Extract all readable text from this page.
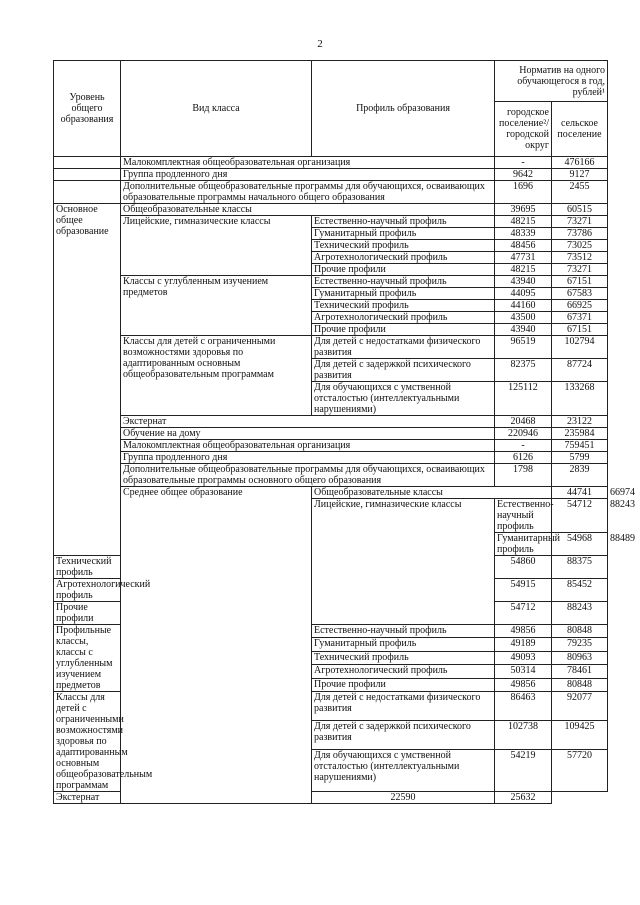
2
Уровень общего образования	Вид класса	Профиль образования	Норматив на одного обучающегося в год, рублей¹		
			городское поселение²/ городской округ	сельское поселение	
	Малокомплектная общеобразовательная организация		-	476166	
	Группа продленного дня		9642	9127	
	Дополнительные общеобразовательные программы для обучающихся, осваивающих образовательные программы начального общего образования		1696	2455	
Основное общее образование	Общеобразовательные классы		39695	60515	
	Лицейские, гимназические классы	Естественно-научный профиль	48215	73271	
		Гуманитарный профиль	48339	73786	
		Технический профиль	48456	73025	
		Агротехнологический профиль	47731	73512	
		Прочие профили	48215	73271	
	Классы с углубленным изучением предметов	Естественно-научный профиль	43940	67151	
		Гуманитарный профиль	44095	67583	
		Технический профиль	44160	66925	
		Агротехнологический профиль	43500	67371	
		Прочие профили	43940	67151	
	Классы для детей с ограниченными возможностями здоровья по адаптированным основным общеобразовательным программам	Для детей с недостатками физического развития	96519	102794	
		Для детей с задержкой психического развития	82375	87724	
		Для обучающихся с умственной отсталостью (интеллектуальными нарушениями)	125112	133268	
	Экстернат		20468	23122	
	Обучение на дому		220946	235984	
	Малокомплектная общеобразовательная организация		-	759451	
	Группа продленного дня		6126	5799	
	Дополнительные общеобразовательные программы для обучающихся, осваивающих образовательные программы основного общего образования		1798	2839	
	Среднее общее образование	Общеобразовательные классы		44741	66974
		Лицейские, гимназические классы	Естественно-научный профиль	54712	88243
			Гуманитарный профиль	54968	88489
Технический профиль			54860	88375	
Агротехнологический профиль			54915	85452	
Прочие профили			54712	88243	
Профильные классы, классы с углубленным изучением предметов		Естественно-научный профиль	49856	80848	
		Гуманитарный профиль	49189	79235	
		Технический профиль	49093	80963	
		Агротехнологический профиль	50314	78461	
		Прочие профили	49856	80848	
Классы для детей с ограниченными возможностями здоровья по адаптированным основным общеобразовательным программам		Для детей с недостатками физического развития	86463	92077	
		Для детей с задержкой психического развития	102738	109425	
		Для обучающихся с умственной отсталостью (интеллектуальными нарушениями)	54219	57720	
Экстернат		22590	25632		
